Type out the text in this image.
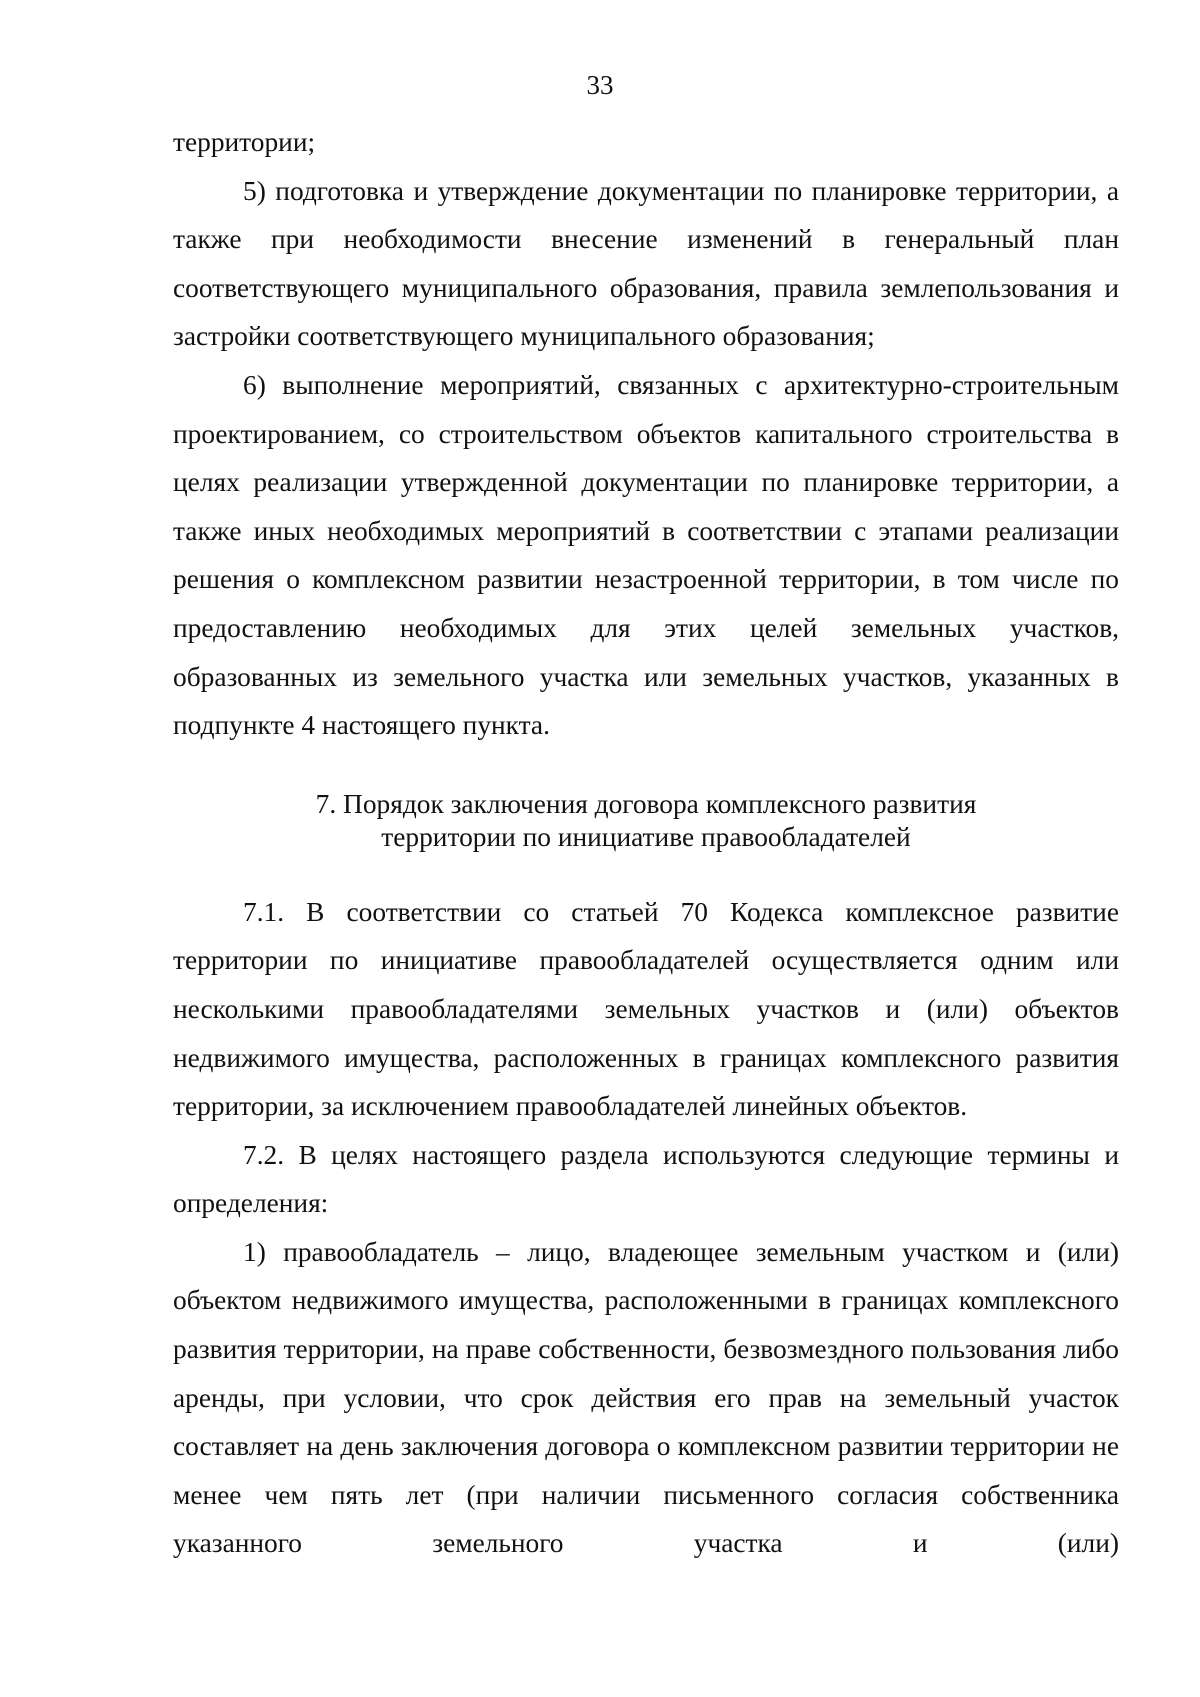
33

территории;

5) подготовка и утверждение документации по планировке территории, а также при необходимости внесение изменений в генеральный план соответствующего муниципального образования, правила землепользования и застройки соответствующего муниципального образования;

6) выполнение мероприятий, связанных с архитектурно-строительным проектированием, со строительством объектов капитального строительства в целях реализации утвержденной документации по планировке территории, а также иных необходимых мероприятий в соответствии с этапами реализации решения о комплексном развитии незастроенной территории, в том числе по предоставлению необходимых для этих целей земельных участков, образованных из земельного участка или земельных участков, указанных в подпункте 4 настоящего пункта.

7. Порядок заключения договора комплексного развития
территории по инициативе правообладателей

7.1. В соответствии со статьей 70 Кодекса комплексное развитие территории по инициативе правообладателей осуществляется одним или несколькими правообладателями земельных участков и (или) объектов недвижимого имущества, расположенных в границах комплексного развития территории, за исключением правообладателей линейных объектов.

7.2. В целях настоящего раздела используются следующие термины и определения:

1) правообладатель – лицо, владеющее земельным участком и (или) объектом недвижимого имущества, расположенными в границах комплексного развития территории, на праве собственности, безвозмездного пользования либо аренды, при условии, что срок действия его прав на земельный участок составляет на день заключения договора о комплексном развитии территории не менее чем пять лет (при наличии письменного согласия собственника указанного земельного участка и (или)
